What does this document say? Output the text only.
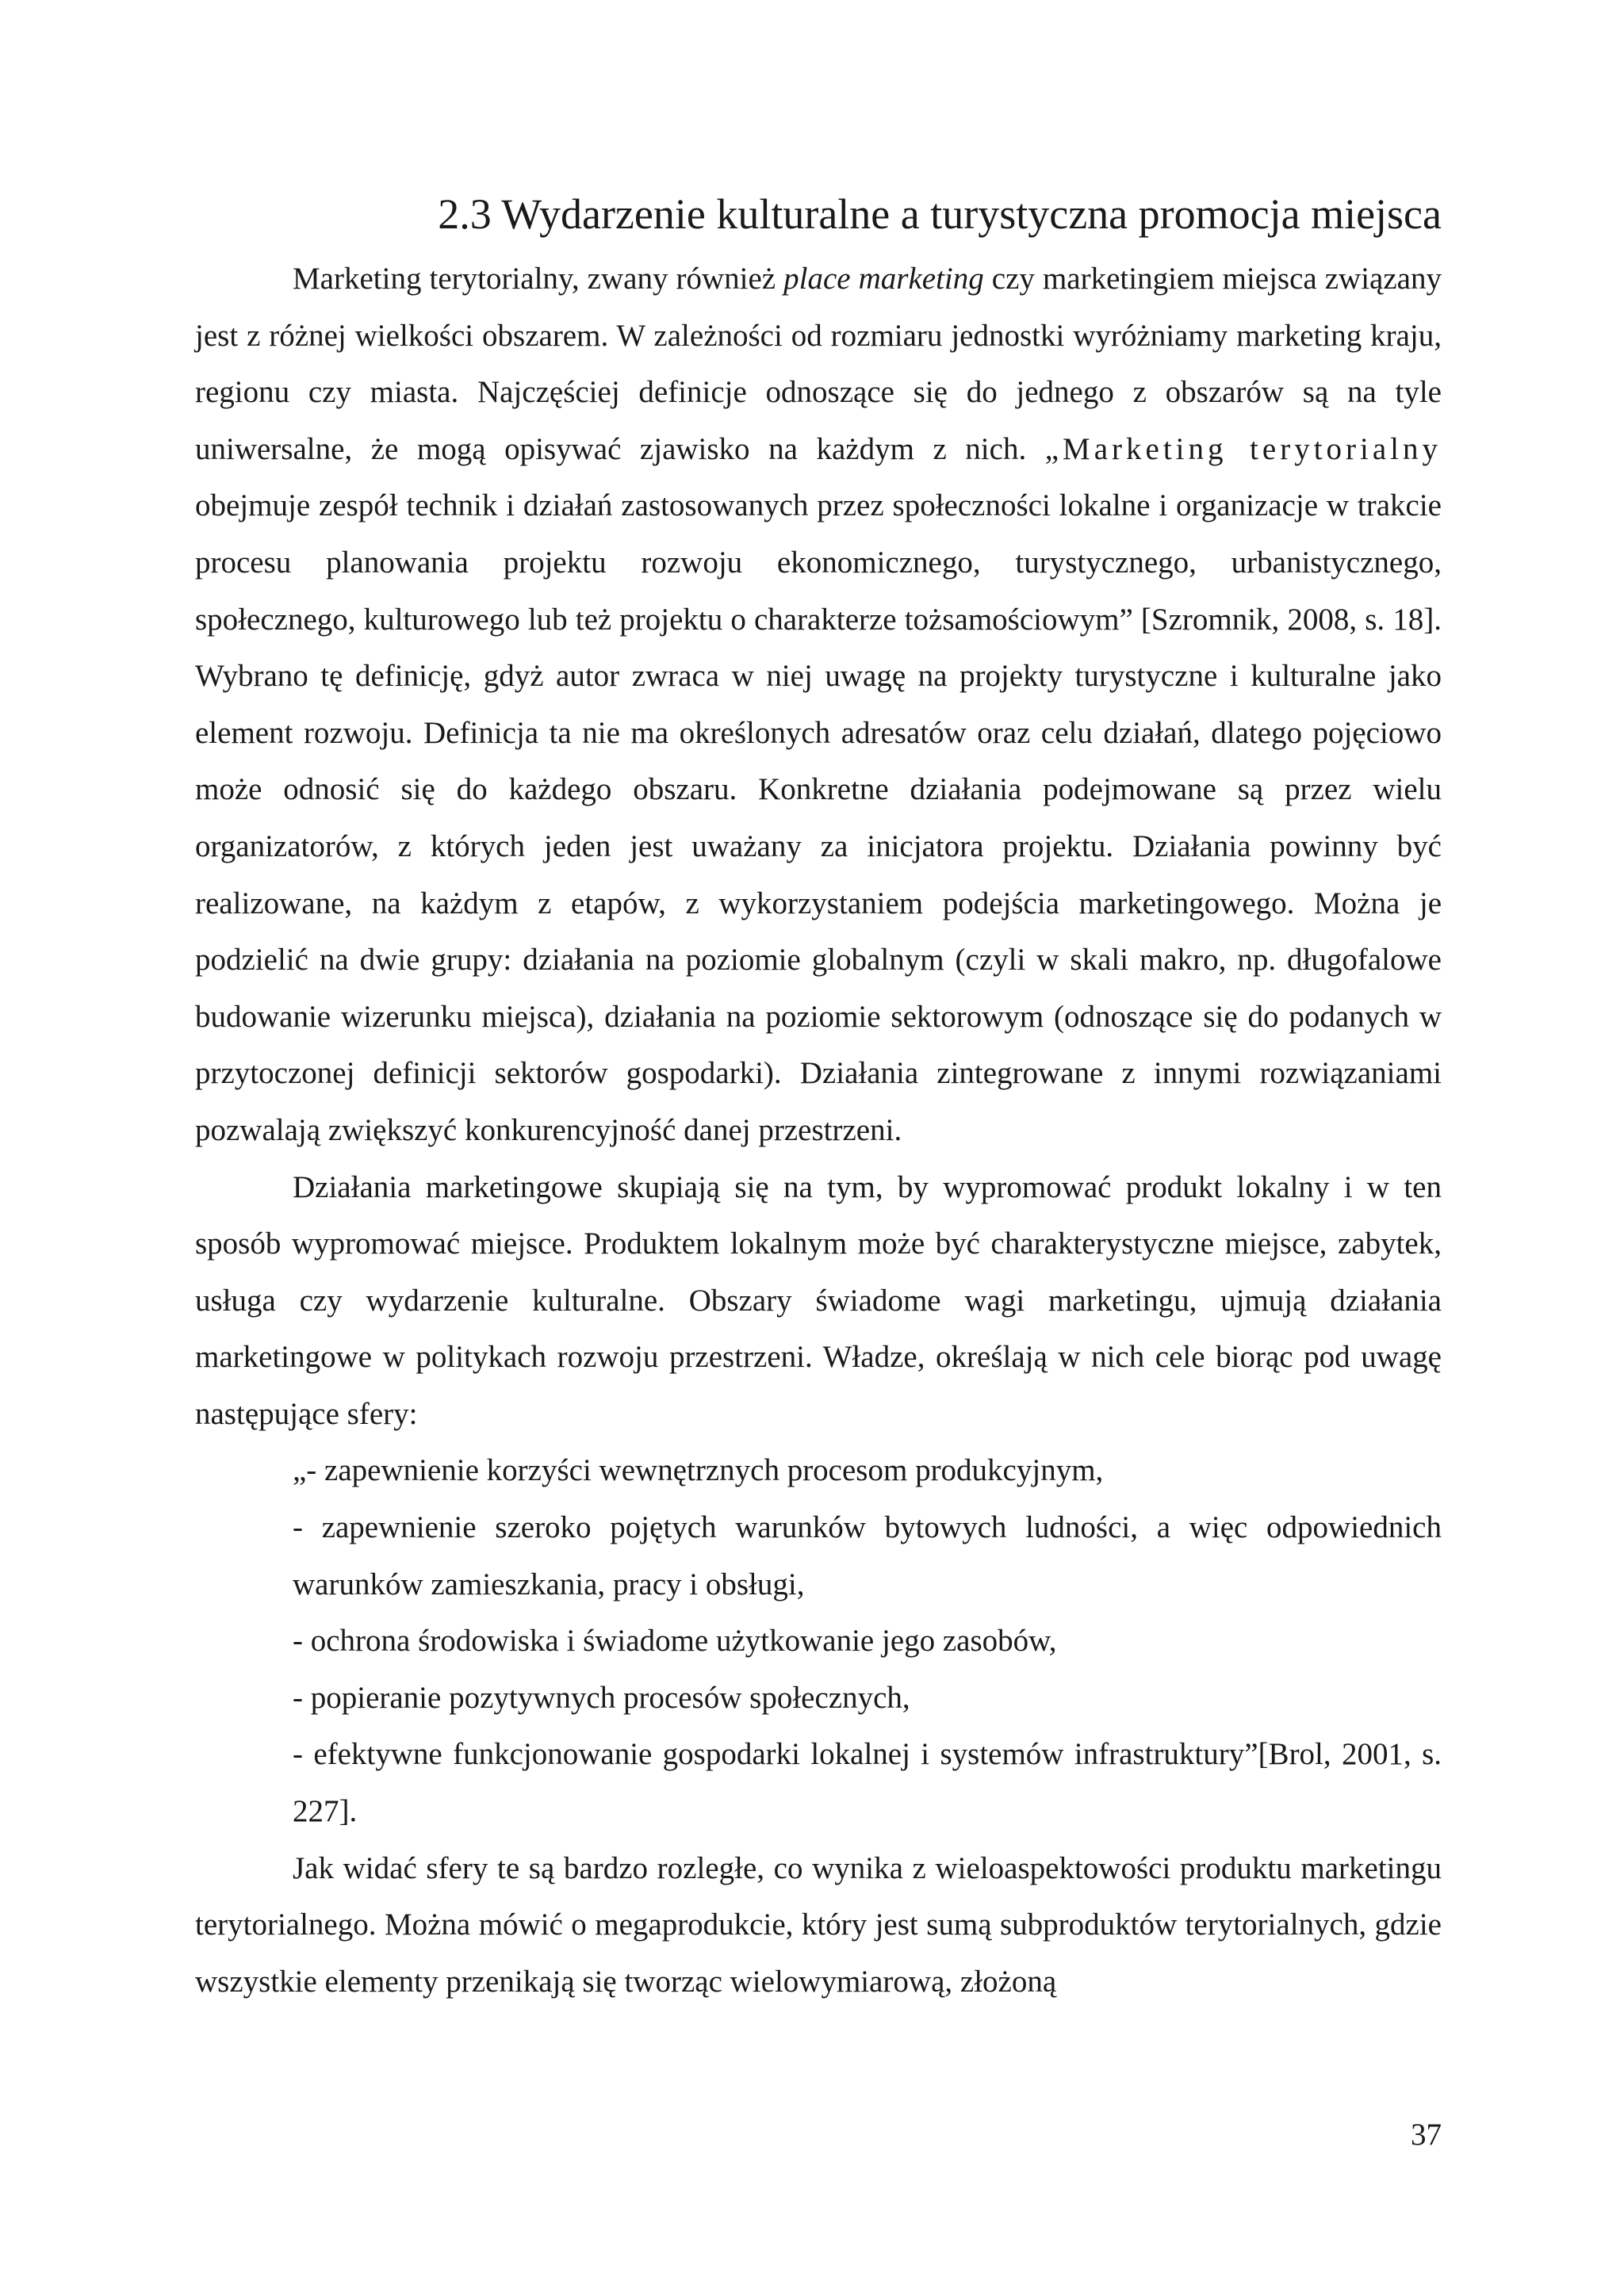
2.3 Wydarzenie kulturalne a turystyczna promocja miejsca

Marketing terytorialny, zwany również place marketing czy marketingiem miejsca związany jest z różnej wielkości obszarem. W zależności od rozmiaru jednostki wyróżniamy marketing kraju, regionu czy miasta. Najczęściej definicje odnoszące się do jednego z obszarów są na tyle uniwersalne, że mogą opisywać zjawisko na każdym z nich. „Marketing terytorialny obejmuje zespół technik i działań zastosowanych przez społeczności lokalne i organizacje w trakcie procesu planowania projektu rozwoju ekonomicznego, turystycznego, urbanistycznego, społecznego, kulturowego lub też projektu o charakterze tożsamościowym” [Szromnik, 2008, s. 18]. Wybrano tę definicję, gdyż autor zwraca w niej uwagę na projekty turystyczne i kulturalne jako element rozwoju. Definicja ta nie ma określonych adresatów oraz celu działań, dlatego pojęciowo może odnosić się do każdego obszaru. Konkretne działania podejmowane są przez wielu organizatorów, z których jeden jest uważany za inicjatora projektu. Działania powinny być realizowane, na każdym z etapów, z wykorzystaniem podejścia marketingowego. Można je podzielić na dwie grupy: działania na poziomie globalnym (czyli w skali makro, np. długofalowe budowanie wizerunku miejsca), działania na poziomie sektorowym (odnoszące się do podanych w przytoczonej definicji sektorów gospodarki). Działania zintegrowane z innymi rozwiązaniami pozwalają zwiększyć konkurencyjność danej przestrzeni.

Działania marketingowe skupiają się na tym, by wypromować produkt lokalny i w ten sposób wypromować miejsce. Produktem lokalnym może być charakterystyczne miejsce, zabytek, usługa czy wydarzenie kulturalne. Obszary świadome wagi marketingu, ujmują działania marketingowe w politykach rozwoju przestrzeni. Władze, określają w nich cele biorąc pod uwagę następujące sfery:

„- zapewnienie korzyści wewnętrznych procesom produkcyjnym,
- zapewnienie szeroko pojętych warunków bytowych ludności, a więc odpowiednich warunków zamieszkania, pracy i obsługi,
- ochrona środowiska i świadome użytkowanie jego zasobów,
- popieranie pozytywnych procesów społecznych,
- efektywne funkcjonowanie gospodarki lokalnej i systemów infrastruktury”[Brol, 2001, s. 227].

Jak widać sfery te są bardzo rozległe, co wynika z wieloaspektowości produktu marketingu terytorialnego. Można mówić o megaprodukcie, który jest sumą subproduktów terytorialnych, gdzie wszystkie elementy przenikają się tworząc wielowymiarową, złożoną

37
